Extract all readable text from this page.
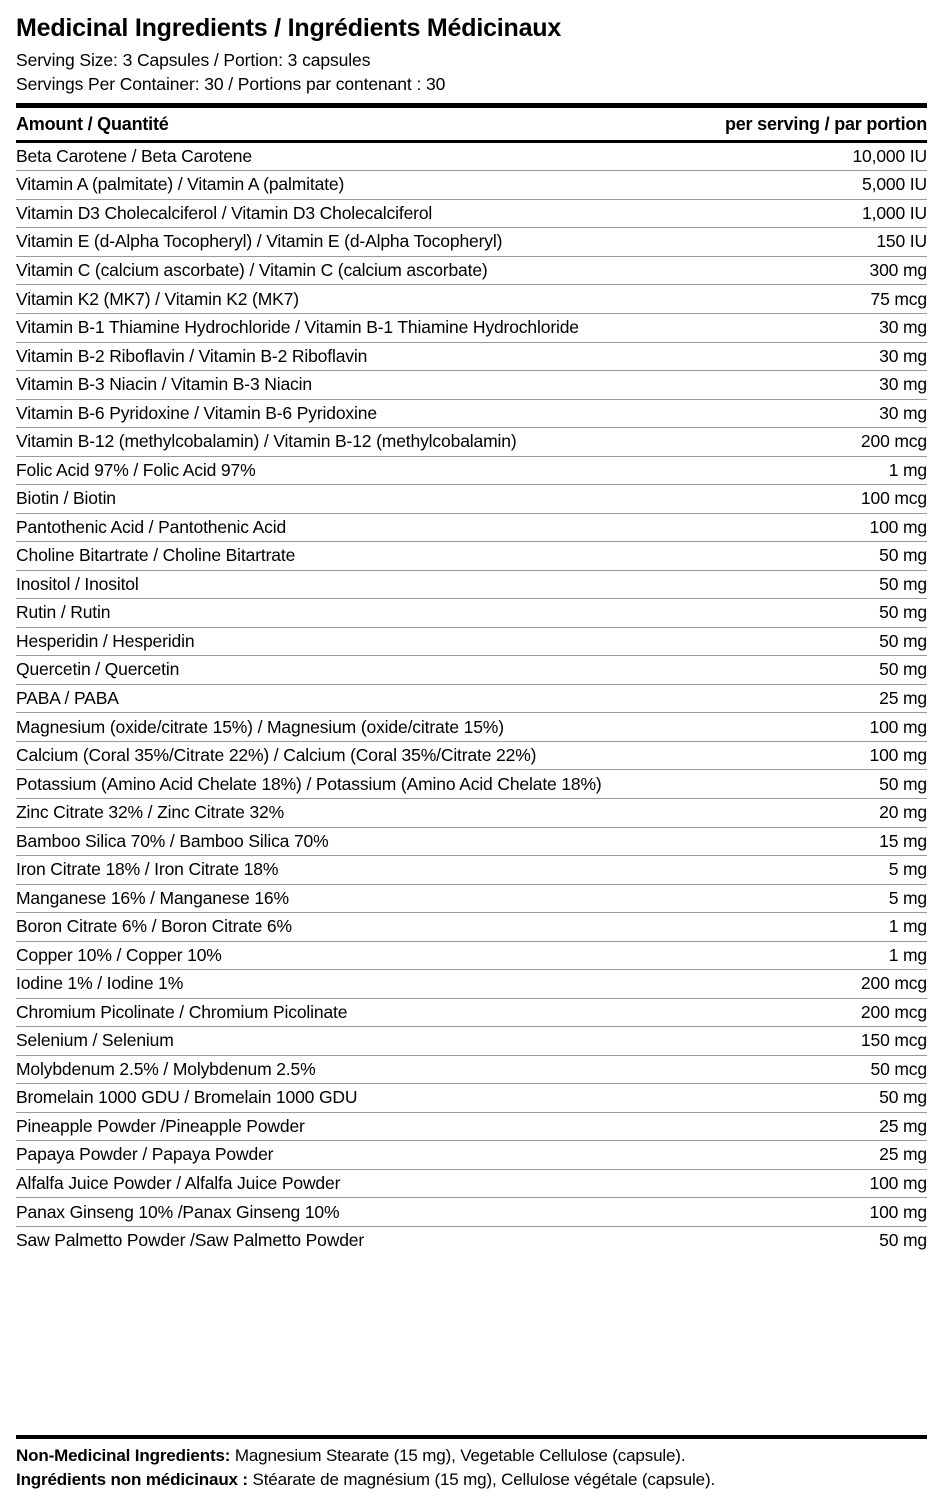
Medicinal Ingredients / Ingrédients Médicinaux
Serving Size: 3 Capsules / Portion: 3 capsules
Servings Per Container: 30 / Portions par contenant : 30
Amount / Quantité	per serving / par portion
Beta Carotene / Beta Carotene	10,000 IU
Vitamin A (palmitate) / Vitamin A (palmitate)	5,000 IU
Vitamin D3 Cholecalciferol / Vitamin D3 Cholecalciferol	1,000 IU
Vitamin E (d-Alpha Tocopheryl) / Vitamin E (d-Alpha Tocopheryl)	150 IU
Vitamin C (calcium ascorbate) / Vitamin C (calcium ascorbate)	300 mg
Vitamin K2 (MK7) / Vitamin K2 (MK7)	75 mcg
Vitamin B-1 Thiamine Hydrochloride / Vitamin B-1 Thiamine Hydrochloride	30 mg
Vitamin B-2 Riboflavin / Vitamin B-2 Riboflavin	30 mg
Vitamin B-3 Niacin / Vitamin B-3 Niacin	30 mg
Vitamin B-6 Pyridoxine / Vitamin B-6 Pyridoxine	30 mg
Vitamin B-12 (methylcobalamin) / Vitamin B-12 (methylcobalamin)	200 mcg
Folic Acid 97% / Folic Acid 97%	1 mg
Biotin / Biotin	100 mcg
Pantothenic Acid / Pantothenic Acid	100 mg
Choline Bitartrate / Choline Bitartrate	50 mg
Inositol / Inositol	50 mg
Rutin / Rutin	50 mg
Hesperidin / Hesperidin	50 mg
Quercetin / Quercetin	50 mg
PABA / PABA	25 mg
Magnesium (oxide/citrate 15%) / Magnesium (oxide/citrate 15%)	100 mg
Calcium (Coral 35%/Citrate 22%) / Calcium (Coral 35%/Citrate 22%)	100 mg
Potassium (Amino Acid Chelate 18%) / Potassium (Amino Acid Chelate 18%)	50 mg
Zinc Citrate 32% / Zinc Citrate 32%	20 mg
Bamboo Silica 70% / Bamboo Silica 70%	15 mg
Iron Citrate 18% / Iron Citrate 18%	5 mg
Manganese 16% / Manganese 16%	5 mg
Boron Citrate 6% / Boron Citrate 6%	1 mg
Copper 10% / Copper 10%	1 mg
Iodine 1% / Iodine 1%	200 mcg
Chromium Picolinate / Chromium Picolinate	200 mcg
Selenium / Selenium	150 mcg
Molybdenum 2.5% / Molybdenum 2.5%	50 mcg
Bromelain 1000 GDU / Bromelain 1000 GDU	50 mg
Pineapple Powder /Pineapple Powder	25 mg
Papaya Powder / Papaya Powder	25 mg
Alfalfa Juice Powder / Alfalfa Juice Powder	100 mg
Panax Ginseng 10% /Panax Ginseng 10%	100 mg
Saw Palmetto Powder /Saw Palmetto Powder	50 mg
Non-Medicinal Ingredients: Magnesium Stearate (15 mg), Vegetable Cellulose (capsule).
Ingrédients non médicinaux : Stéarate de magnésium (15 mg), Cellulose végétale (capsule).
